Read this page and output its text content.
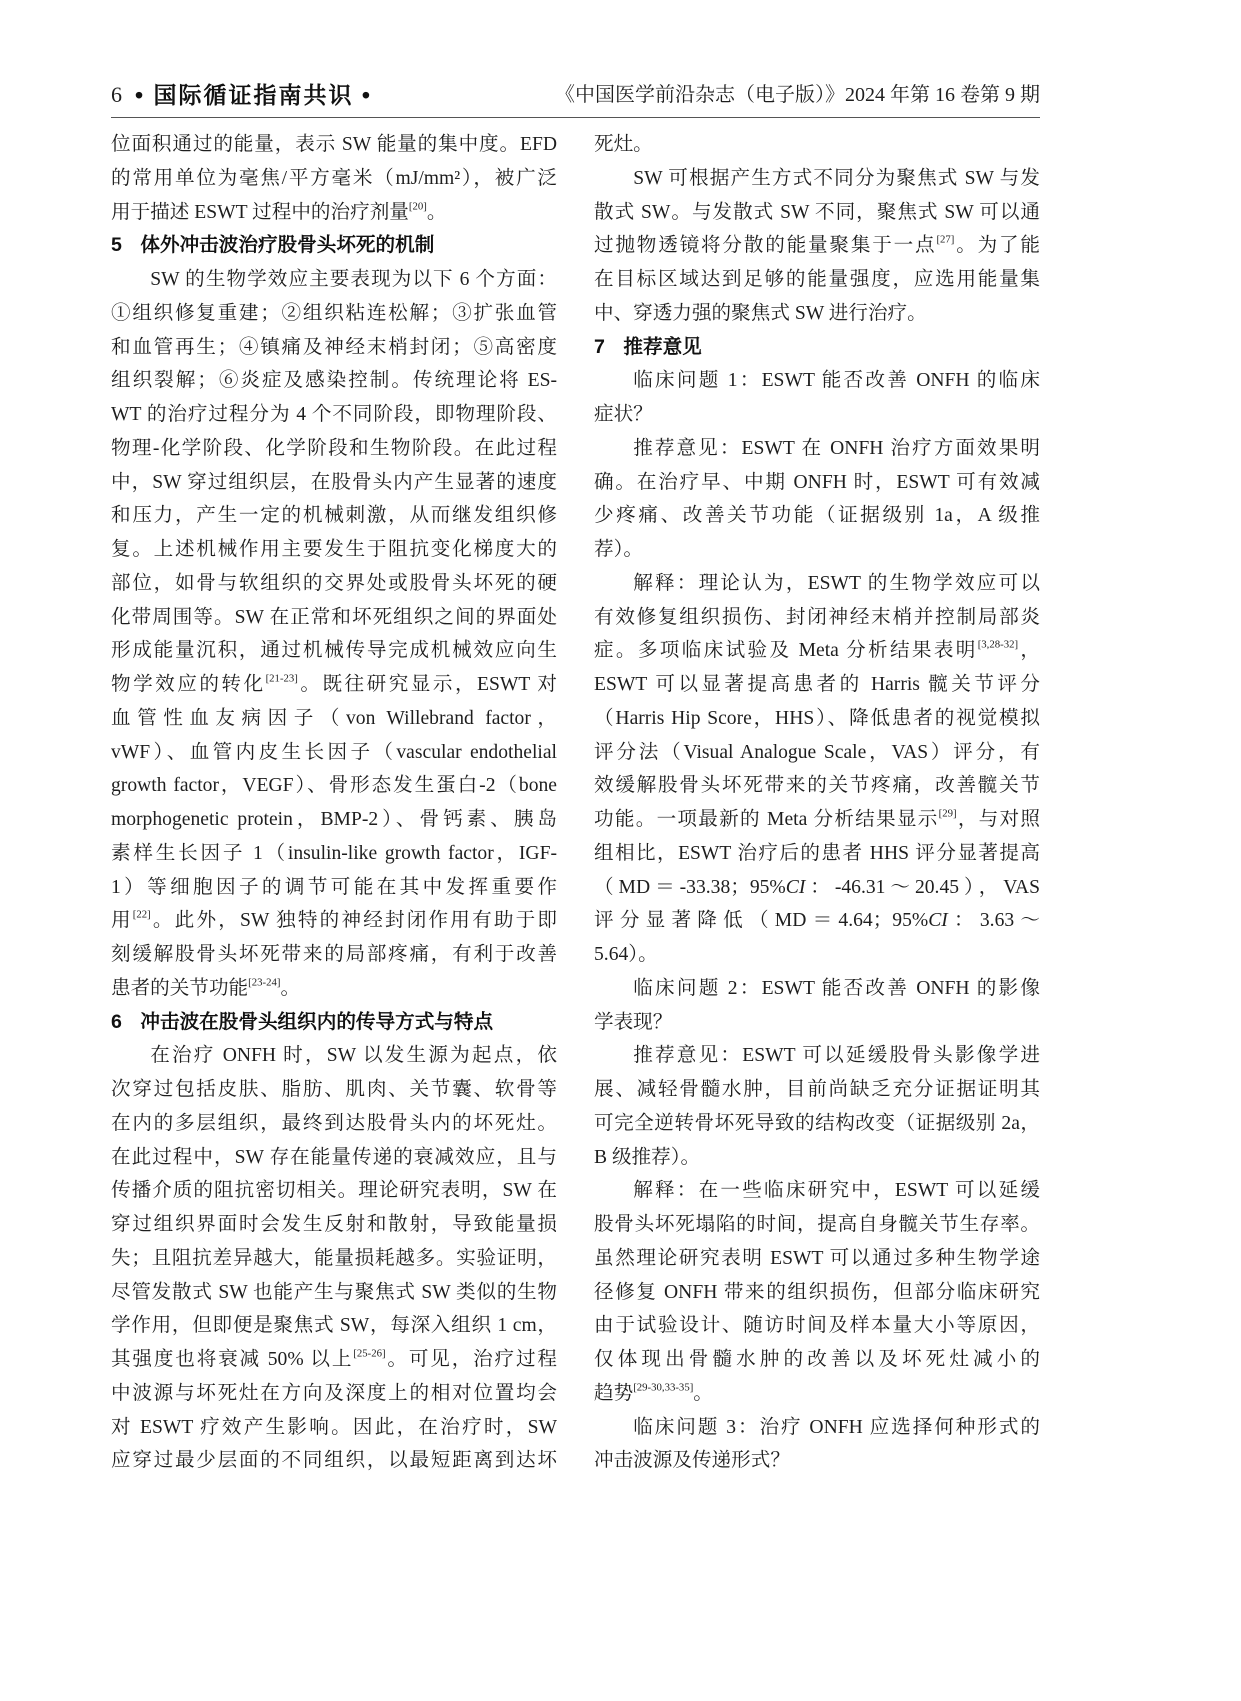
6 • 国际循证指南共识 •	《中国医学前沿杂志（电子版）》2024 年第 16 卷第 9 期
位面积通过的能量，表示 SW 能量的集中度。EFD
的常用单位为毫焦/平方毫米（mJ/mm²），被广泛
用于描述 ESWT 过程中的治疗剂量[20]。
5 体外冲击波治疗股骨头坏死的机制
SW 的生物学效应主要表现为以下 6 个方面：
①组织修复重建；②组织粘连松解；③扩张血管
和血管再生；④镇痛及神经末梢封闭；⑤高密度
组织裂解；⑥炎症及感染控制。传统理论将 ES-
WT 的治疗过程分为 4 个不同阶段，即物理阶段、
物理-化学阶段、化学阶段和生物阶段。在此过程
中，SW 穿过组织层，在股骨头内产生显著的速度
和压力，产生一定的机械刺激，从而继发组织修
复。上述机械作用主要发生于阻抗变化梯度大的
部位，如骨与软组织的交界处或股骨头坏死的硬
化带周围等。SW 在正常和坏死组织之间的界面处
形成能量沉积，通过机械传导完成机械效应向生
物学效应的转化[21-23]。既往研究显示，ESWT 对
血管性血友病因子（von Willebrand factor，
vWF）、血管内皮生长因子（vascular endothelial
growth factor，VEGF）、骨形态发生蛋白-2（bone
morphogenetic protein，BMP-2）、骨钙素、胰岛
素样生长因子 1（insulin-like growth factor，IGF-
1）等细胞因子的调节可能在其中发挥重要作
用[22]。此外，SW 独特的神经封闭作用有助于即
刻缓解股骨头坏死带来的局部疼痛，有利于改善
患者的关节功能[23-24]。
6 冲击波在股骨头组织内的传导方式与特点
在治疗 ONFH 时，SW 以发生源为起点，依
次穿过包括皮肤、脂肪、肌肉、关节囊、软骨等
在内的多层组织，最终到达股骨头内的坏死灶。
在此过程中，SW 存在能量传递的衰减效应，且与
传播介质的阻抗密切相关。理论研究表明，SW 在
穿过组织界面时会发生反射和散射，导致能量损
失；且阻抗差异越大，能量损耗越多。实验证明，
尽管发散式 SW 也能产生与聚焦式 SW 类似的生物
学作用，但即便是聚焦式 SW，每深入组织 1 cm，
其强度也将衰减 50% 以上[25-26]。可见，治疗过程
中波源与坏死灶在方向及深度上的相对位置均会
对 ESWT 疗效产生影响。因此，在治疗时，SW
应穿过最少层面的不同组织，以最短距离到达坏
死灶。
SW 可根据产生方式不同分为聚焦式 SW 与发
散式 SW。与发散式 SW 不同，聚焦式 SW 可以通
过抛物透镜将分散的能量聚集于一点[27]。为了能
在目标区域达到足够的能量强度，应选用能量集
中、穿透力强的聚焦式 SW 进行治疗。
7 推荐意见
临床问题 1：ESWT 能否改善 ONFH 的临床
症状？
推荐意见：ESWT 在 ONFH 治疗方面效果明
确。在治疗早、中期 ONFH 时，ESWT 可有效减
少疼痛、改善关节功能（证据级别 1a，A 级推
荐）。
解释：理论认为，ESWT 的生物学效应可以
有效修复组织损伤、封闭神经末梢并控制局部炎
症。多项临床试验及 Meta 分析结果表明[3,28-32]，
ESWT 可以显著提高患者的 Harris 髋关节评分
（Harris Hip Score，HHS）、降低患者的视觉模拟
评分法（Visual Analogue Scale，VAS）评分，有
效缓解股骨头坏死带来的关节疼痛，改善髋关节
功能。一项最新的 Meta 分析结果显示[29]，与对照
组相比，ESWT 治疗后的患者 HHS 评分显著提高
（MD＝-33.38；95%CI：-46.31～20.45），VAS
评分显著降低（MD＝4.64；95%CI：3.63～
5.64）。
临床问题 2：ESWT 能否改善 ONFH 的影像
学表现？
推荐意见：ESWT 可以延缓股骨头影像学进
展、减轻骨髓水肿，目前尚缺乏充分证据证明其
可完全逆转骨坏死导致的结构改变（证据级别 2a，
B 级推荐）。
解释：在一些临床研究中，ESWT 可以延缓
股骨头坏死塌陷的时间，提高自身髋关节生存率。
虽然理论研究表明 ESWT 可以通过多种生物学途
径修复 ONFH 带来的组织损伤，但部分临床研究
由于试验设计、随访时间及样本量大小等原因，
仅体现出骨髓水肿的改善以及坏死灶减小的
趋势[29-30,33-35]。
临床问题 3：治疗 ONFH 应选择何种形式的
冲击波源及传递形式？
